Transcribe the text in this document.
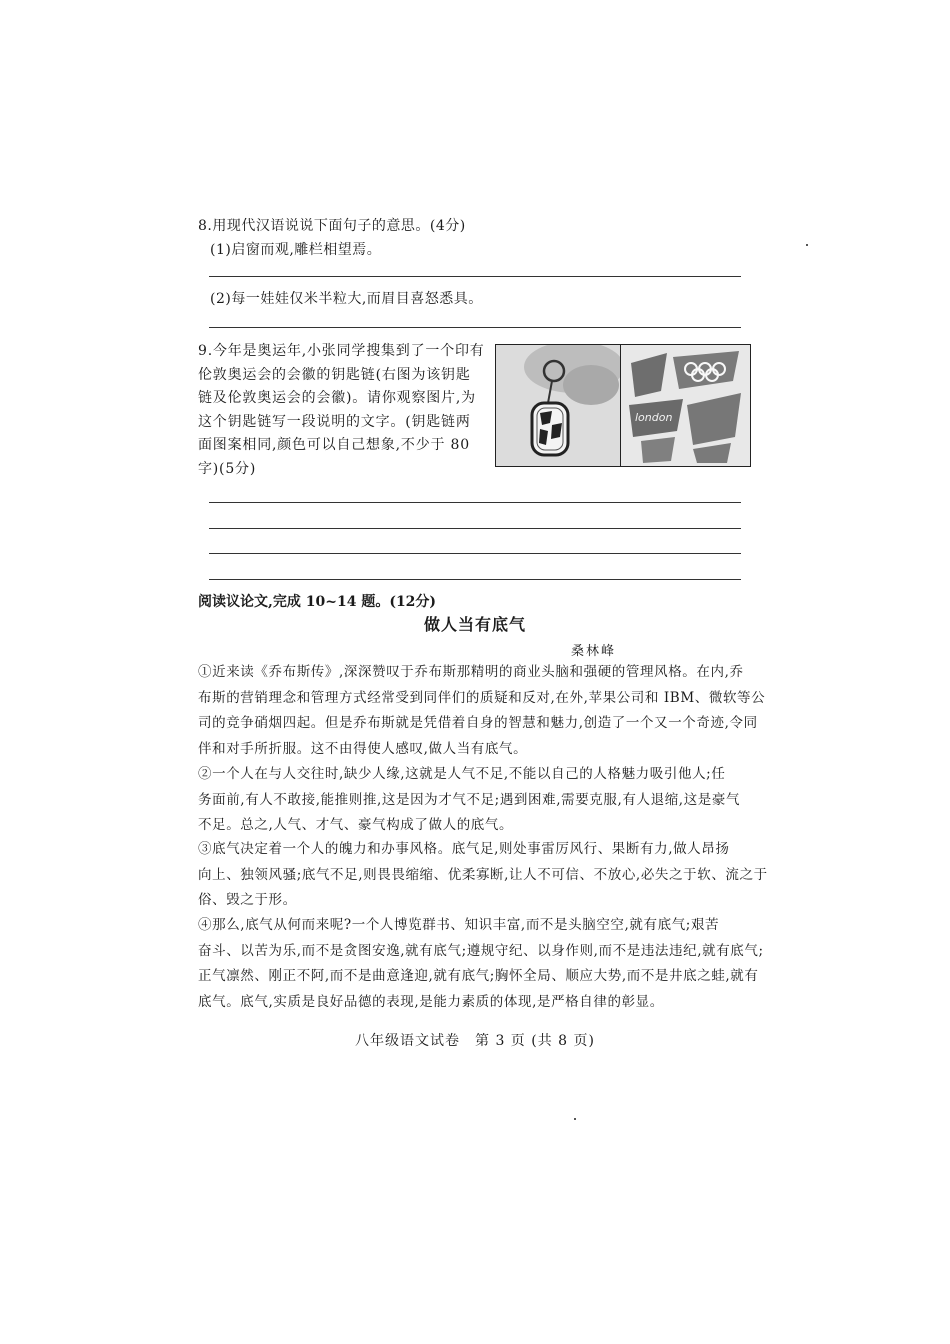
8.用现代汉语说说下面句子的意思。(4分)
(1)启窗而观,雕栏相望焉。
(2)每一娃娃仅米半粒大,而眉目喜怒悉具。
9.今年是奥运年,小张同学搜集到了一个印有
伦敦奥运会的会徽的钥匙链(右图为该钥匙
链及伦敦奥运会的会徽)。请你观察图片,为
这个钥匙链写一段说明的文字。(钥匙链两
面图案相同,颜色可以自己想象,不少于 80
字)(5分)
london
阅读议论文,完成 10~14 题。(12分)
做人当有底气
桑林峰
①近来读《乔布斯传》,深深赞叹于乔布斯那精明的商业头脑和强硬的管理风格。在内,乔
布斯的营销理念和管理方式经常受到同伴们的质疑和反对,在外,苹果公司和 IBM、微软等公
司的竞争硝烟四起。但是乔布斯就是凭借着自身的智慧和魅力,创造了一个又一个奇迹,令同
伴和对手所折服。这不由得使人感叹,做人当有底气。
②一个人在与人交往时,缺少人缘,这就是人气不足,不能以自己的人格魅力吸引他人;任
务面前,有人不敢接,能推则推,这是因为才气不足;遇到困难,需要克服,有人退缩,这是豪气
不足。总之,人气、才气、豪气构成了做人的底气。
③底气决定着一个人的魄力和办事风格。底气足,则处事雷厉风行、果断有力,做人昂扬
向上、独领风骚;底气不足,则畏畏缩缩、优柔寡断,让人不可信、不放心,必失之于软、流之于
俗、毁之于形。
④那么,底气从何而来呢?一个人博览群书、知识丰富,而不是头脑空空,就有底气;艰苦
奋斗、以苦为乐,而不是贪图安逸,就有底气;遵规守纪、以身作则,而不是违法违纪,就有底气;
正气凛然、刚正不阿,而不是曲意逢迎,就有底气;胸怀全局、顺应大势,而不是井底之蛙,就有
底气。底气,实质是良好品德的表现,是能力素质的体现,是严格自律的彰显。
八年级语文试卷　第 3 页 (共 8 页)
